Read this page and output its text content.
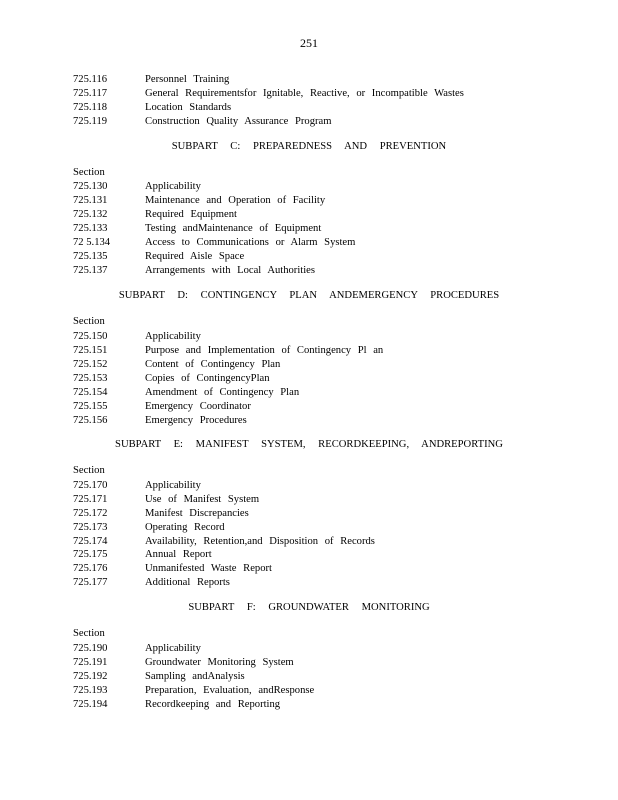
251
725.116	Personnel Training
725.117	General Requirementsfor Ignitable, Reactive, or Incompatible Wastes
725.118	Location Standards
725.119	Construction Quality Assurance Program
SUBPART C: PREPAREDNESS AND PREVENTION
Section
725.130	Applicability
725.131	Maintenance and Operation of Facility
725.132	Required Equipment
725.133	Testing andMaintenance of Equipment
72 5.134	Access to Communications or Alarm System
725.135	Required Aisle Space
725.137	Arrangements with Local Authorities
SUBPART D: CONTINGENCY PLAN ANDEMERGENCY PROCEDURES
Section
725.150	Applicability
725.151	Purpose and Implementation of Contingency Pl an
725.152	Content of Contingency Plan
725.153	Copies of ContingencyPlan
725.154	Amendment of Contingency Plan
725.155	Emergency Coordinator
725.156	Emergency Procedures
SUBPART E: MANIFEST SYSTEM, RECORDKEEPING, ANDREPORTING
Section
725.170	Applicability
725.171	Use of Manifest System
725.172	Manifest Discrepancies
725.173	Operating Record
725.174	Availability, Retention,and Disposition of Records
725.175	Annual Report
725.176	Unmanifested Waste Report
725.177	Additional Reports
SUBPART F: GROUNDWATER MONITORING
Section
725.190	Applicability
725.191	Groundwater Monitoring System
725.192	Sampling andAnalysis
725.193	Preparation, Evaluation, andResponse
725.194	Recordkeeping and Reporting
